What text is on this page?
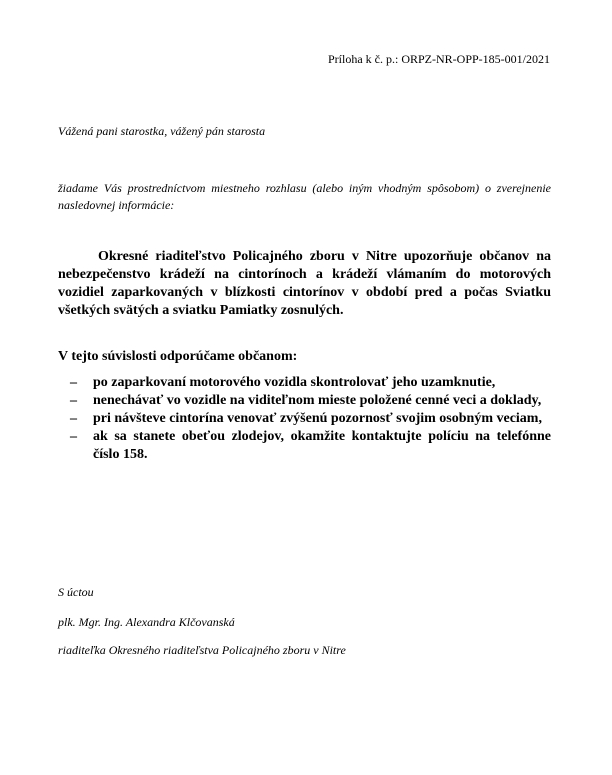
Príloha k č. p.: ORPZ-NR-OPP-185-001/2021
Vážená pani starostka, vážený pán starosta
žiadame Vás prostredníctvom miestneho rozhlasu (alebo iným vhodným spôsobom) o zverejnenie nasledovnej informácie:
Okresné riaditeľstvo Policajného zboru v Nitre upozorňuje občanov na nebezpečenstvo krádeží na cintorínoch a krádeží vlámaním do motorových vozidiel zaparkovaných v blízkosti cintorínov v období pred a počas Sviatku všetkých svätých a sviatku Pamiatky zosnulých.
V tejto súvislosti odporúčame občanom:
– po zaparkovaní motorového vozidla skontrolovať jeho uzamknutie,
– nenechávať vo vozidle na viditeľnom mieste položené cenné veci a doklady,
– pri návšteve cintorína venovať zvýšenú pozornosť svojim osobným veciam,
– ak sa stanete obeťou zlodejov, okamžite kontaktujte políciu na telefónne číslo 158.
S úctou
plk. Mgr. Ing. Alexandra Klčovanská
riaditeľka Okresného riaditeľstva Policajného zboru v Nitre
